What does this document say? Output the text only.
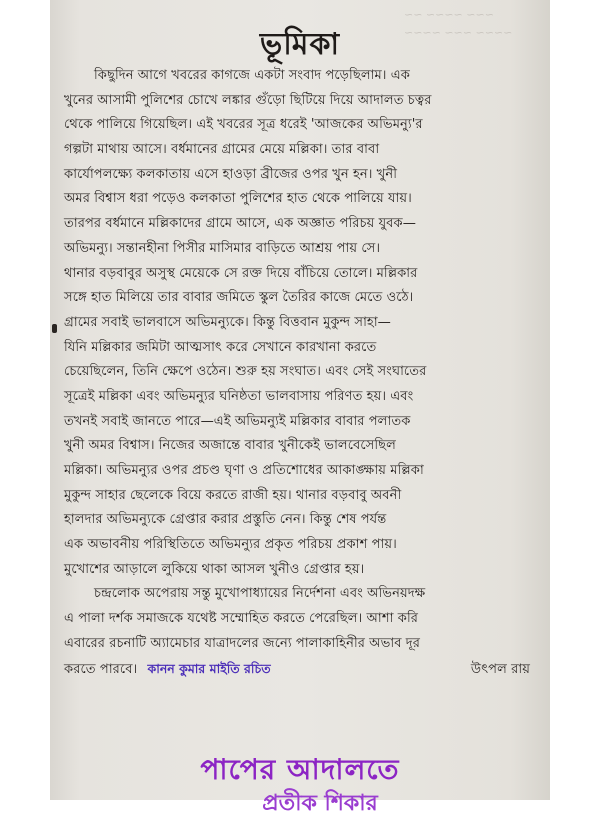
~~~ ~~~~ ~~
~~~~ ~~~ ~~~~
ভূমিকা
কিছুদিন আগে খবরের কাগজে একটা সংবাদ পড়েছিলাম। এক
খুনের আসামী পুলিশের চোখে লঙ্কার গুঁড়ো ছিটিয়ে দিয়ে আদালত চত্বর
থেকে পালিয়ে গিয়েছিল। এই খবরের সূত্র ধরেই 'আজকের অভিমন্যু'র
গল্পটা মাথায় আসে। বর্ধমানের গ্রামের মেয়ে মল্লিকা। তার বাবা
কার্যোপলক্ষ্যে কলকাতায় এসে হাওড়া ব্রীজের ওপর খুন হন। খুনী
অমর বিশ্বাস ধরা পড়েও কলকাতা পুলিশের হাত থেকে পালিয়ে যায়।
তারপর বর্ধমানে মল্লিকাদের গ্রামে আসে, এক অজ্ঞাত পরিচয় যুবক—
অভিমন্যু। সন্তানহীনা পিসীর মাসিমার বাড়িতে আশ্রয় পায় সে।
থানার বড়বাবুর অসুস্থ মেয়েকে সে রক্ত দিয়ে বাঁচিয়ে তোলে। মল্লিকার
সঙ্গে হাত মিলিয়ে তার বাবার জমিতে স্কুল তৈরির কাজে মেতে ওঠে।
গ্রামের সবাই ভালবাসে অভিমন্যুকে। কিন্তু বিত্তবান মুকুন্দ সাহা—
যিনি মল্লিকার জমিটা আত্মসাৎ করে সেখানে কারখানা করতে
চেয়েছিলেন, তিনি ক্ষেপে ওঠেন। শুরু হয় সংঘাত। এবং সেই সংঘাতের
সূত্রেই মল্লিকা এবং অভিমন্যুর ঘনিষ্ঠতা ভালবাসায় পরিণত হয়। এবং
তখনই সবাই জানতে পারে—এই অভিমন্যুই মল্লিকার বাবার পলাতক
খুনী অমর বিশ্বাস। নিজের অজান্তে বাবার খুনীকেই ভালবেসেছিল
মল্লিকা। অভিমন্যুর ওপর প্রচণ্ড ঘৃণা ও প্রতিশোধের আকাঙ্ক্ষায় মল্লিকা
মুকুন্দ সাহার ছেলেকে বিয়ে করতে রাজী হয়। থানার বড়বাবু অবনী
হালদার অভিমন্যুকে গ্রেপ্তার করার প্রস্তুতি নেন। কিন্তু শেষ পর্যন্ত
এক অভাবনীয় পরিস্থিতিতে অভিমন্যুর প্রকৃত পরিচয় প্রকাশ পায়।
মুখোশের আড়ালে লুকিয়ে থাকা আসল খুনীও গ্রেপ্তার হয়।
চন্দ্রলোক অপেরায় সন্তু মুখোপাধ্যায়ের নির্দেশনা এবং অভিনয়দক্ষ
এ পালা দর্শক সমাজকে যথেষ্ট সম্মোহিত করতে পেরেছিল। আশা করি
এবারের রচনাটি অ্যামেচার যাত্রাদলের জন্যে পালাকাহিনীর অভাব দূর
করতে পারবে। কানন কুমার মাইতি রচিত	উৎপল রায়
পাপের আদালতে
প্রতীক শিকার
